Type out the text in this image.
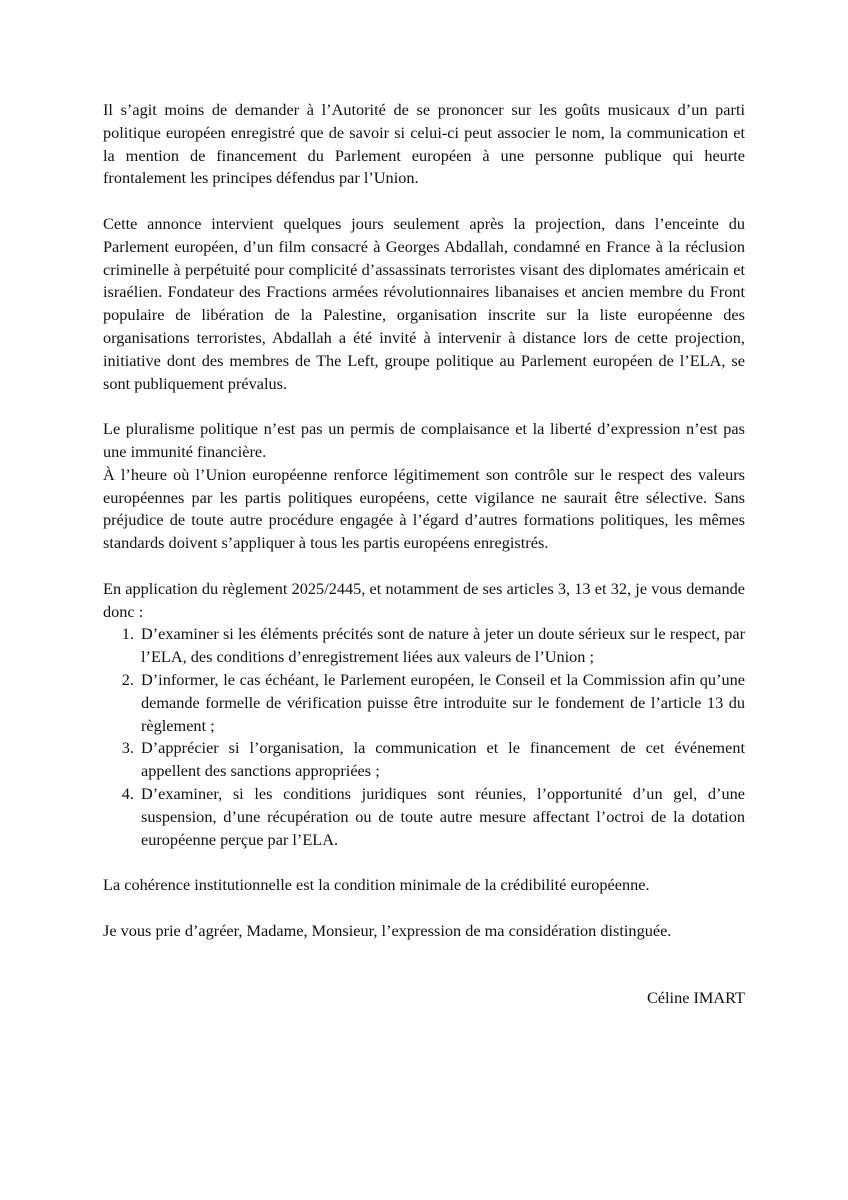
Il s’agit moins de demander à l’Autorité de se prononcer sur les goûts musicaux d’un parti politique européen enregistré que de savoir si celui-ci peut associer le nom, la communication et la mention de financement du Parlement européen à une personne publique qui heurte frontalement les principes défendus par l’Union.

Cette annonce intervient quelques jours seulement après la projection, dans l’enceinte du Parlement européen, d’un film consacré à Georges Abdallah, condamné en France à la réclusion criminelle à perpétuité pour complicité d’assassinats terroristes visant des diplomates américain et israélien. Fondateur des Fractions armées révolutionnaires libanaises et ancien membre du Front populaire de libération de la Palestine, organisation inscrite sur la liste européenne des organisations terroristes, Abdallah a été invité à intervenir à distance lors de cette projection, initiative dont des membres de The Left, groupe politique au Parlement européen de l’ELA, se sont publiquement prévalus.

Le pluralisme politique n’est pas un permis de complaisance et la liberté d’expression n’est pas une immunité financière.

À l’heure où l’Union européenne renforce légitimement son contrôle sur le respect des valeurs européennes par les partis politiques européens, cette vigilance ne saurait être sélective. Sans préjudice de toute autre procédure engagée à l’égard d’autres formations politiques, les mêmes standards doivent s’appliquer à tous les partis européens enregistrés.

En application du règlement 2025/2445, et notamment de ses articles 3, 13 et 32, je vous demande donc :

1. D’examiner si les éléments précités sont de nature à jeter un doute sérieux sur le respect, par l’ELA, des conditions d’enregistrement liées aux valeurs de l’Union ;
2. D’informer, le cas échéant, le Parlement européen, le Conseil et la Commission afin qu’une demande formelle de vérification puisse être introduite sur le fondement de l’article 13 du règlement ;
3. D’apprécier si l’organisation, la communication et le financement de cet événement appellent des sanctions appropriées ;
4. D’examiner, si les conditions juridiques sont réunies, l’opportunité d’un gel, d’une suspension, d’une récupération ou de toute autre mesure affectant l’octroi de la dotation européenne perçue par l’ELA.

La cohérence institutionnelle est la condition minimale de la crédibilité européenne.

Je vous prie d’agréer, Madame, Monsieur, l’expression de ma considération distinguée.

Céline IMART
